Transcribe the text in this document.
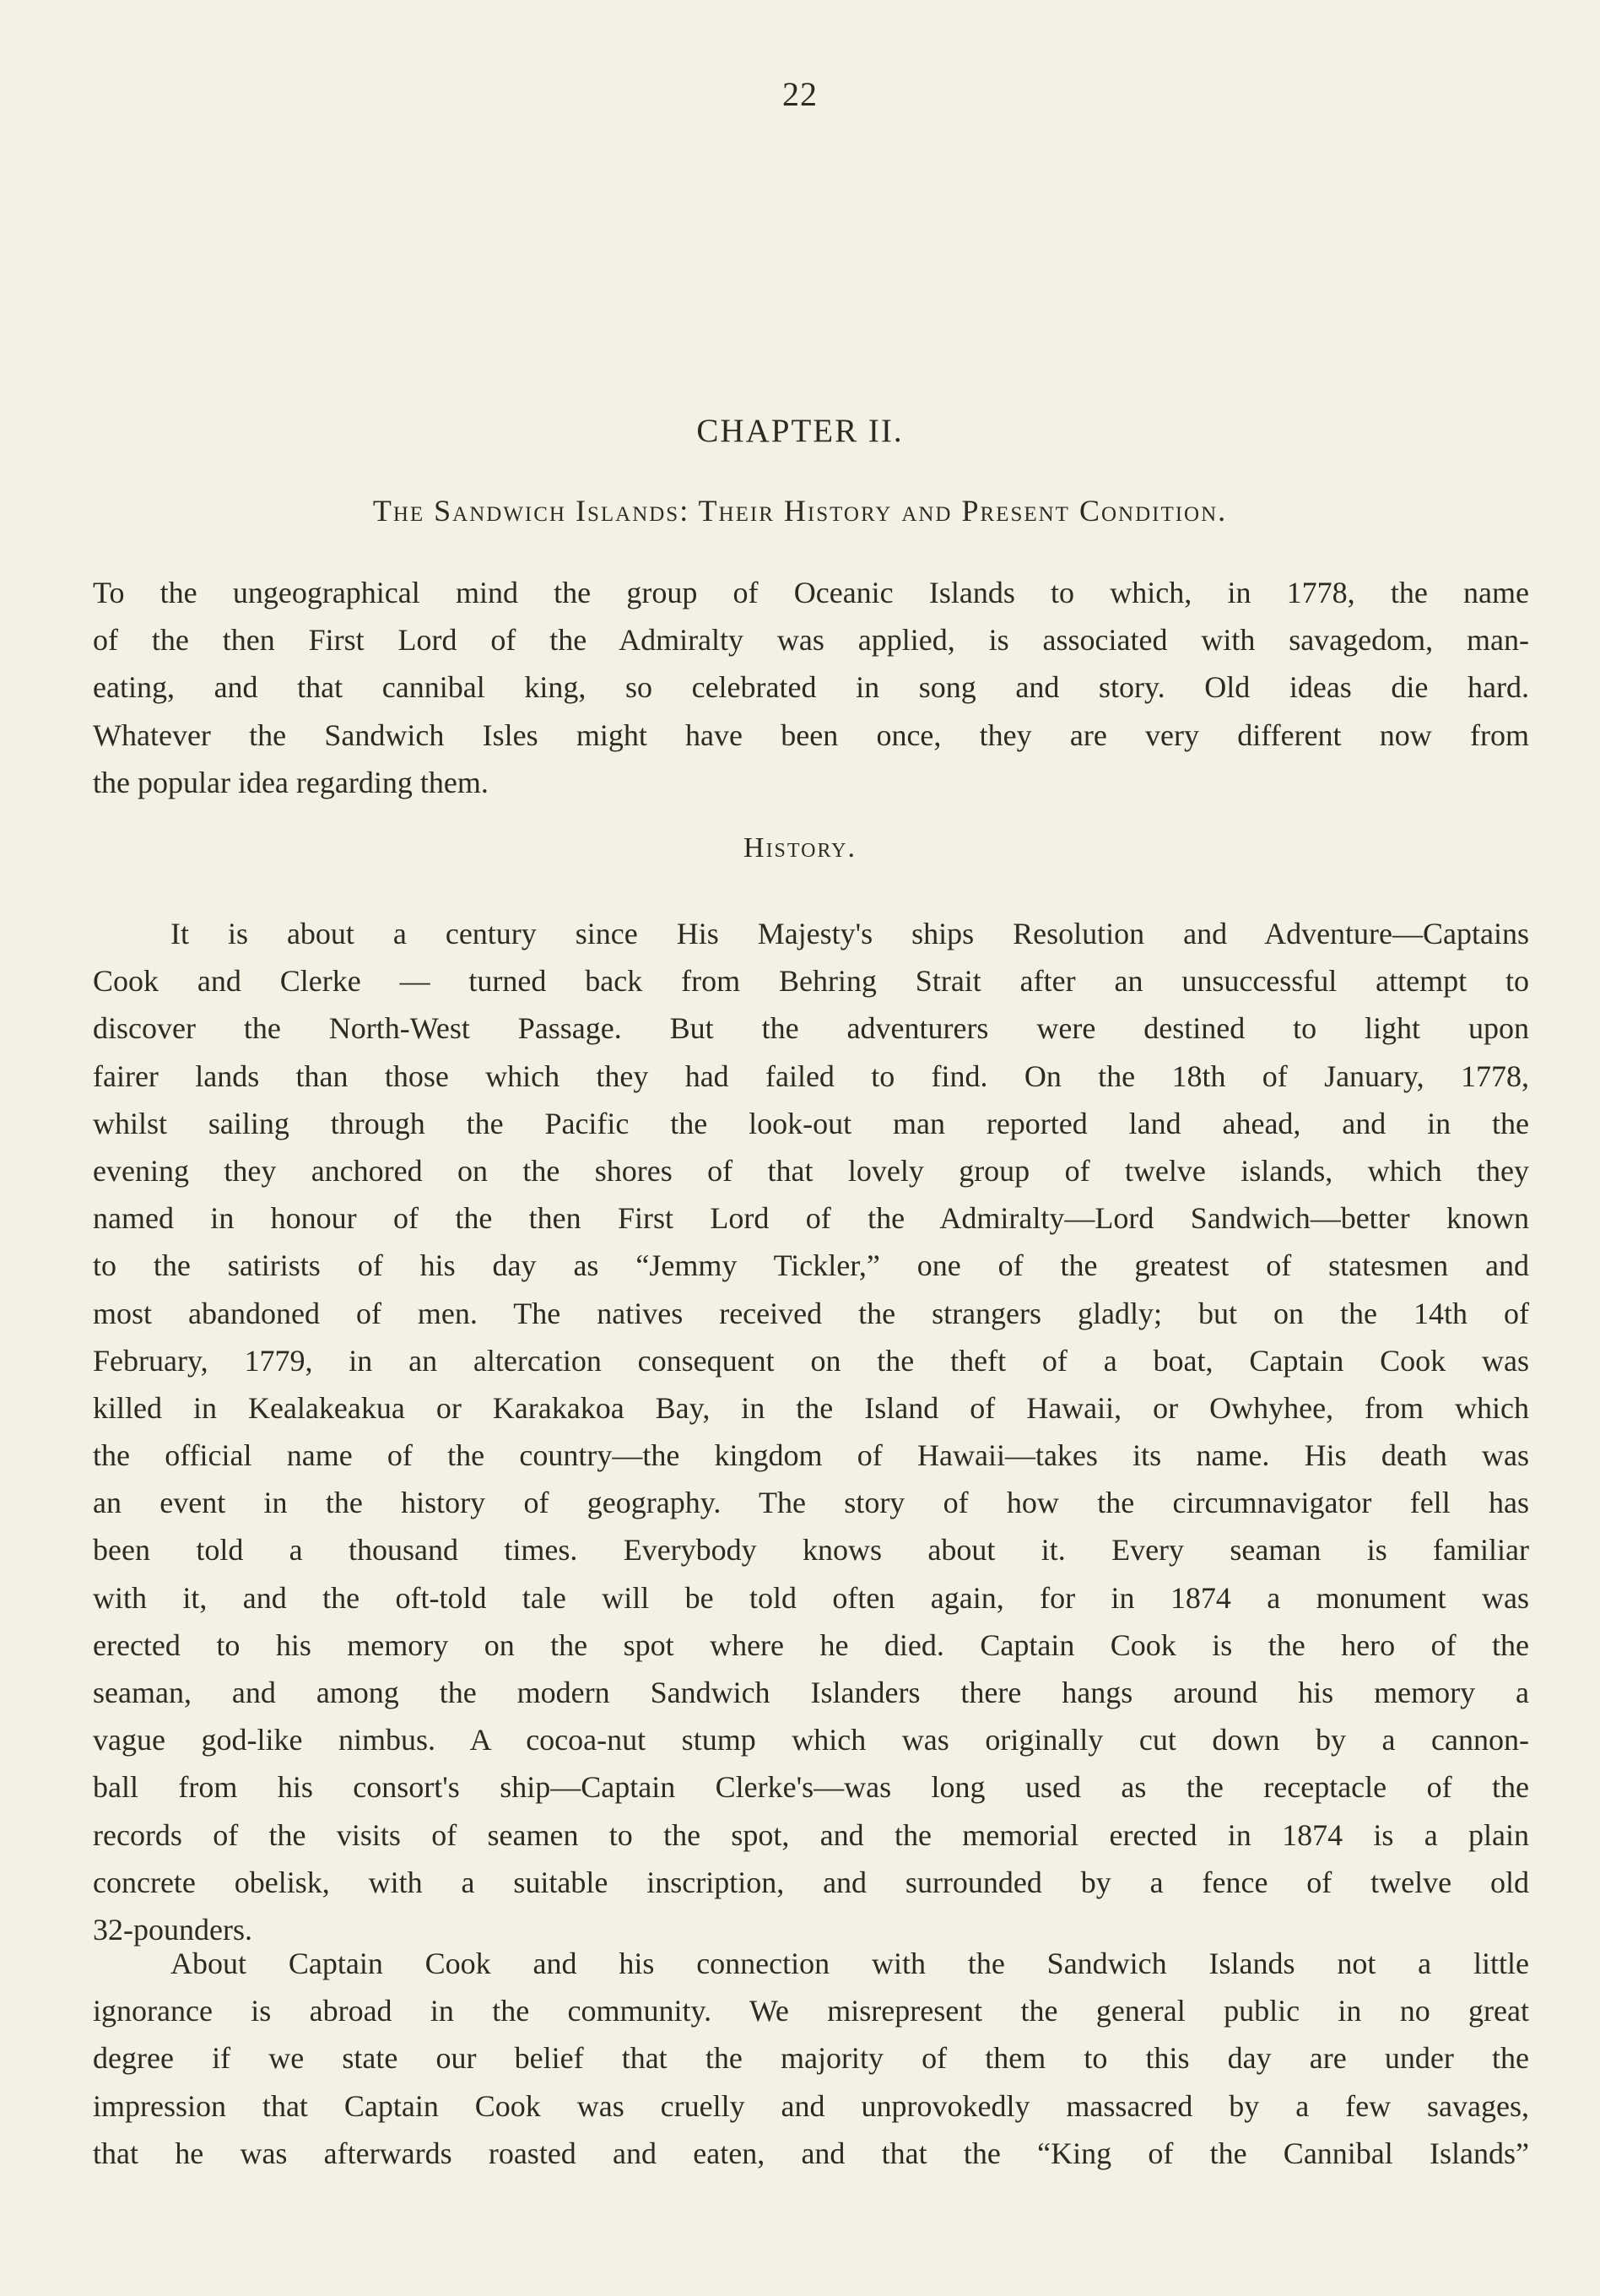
22
CHAPTER II.
The Sandwich Islands: Their History and Present Condition.
To the ungeographical mind the group of Oceanic Islands to which, in 1778, the name
of the then First Lord of the Admiralty was applied, is associated with savagedom, man-
eating, and that cannibal king, so celebrated in song and story. Old ideas die hard.
Whatever the Sandwich Isles might have been once, they are very different now from
the popular idea regarding them.
History.
It is about a century since His Majesty's ships Resolution and Adventure—Captains
Cook and Clerke — turned back from Behring Strait after an unsuccessful attempt to
discover the North-West Passage. But the adventurers were destined to light upon
fairer lands than those which they had failed to find. On the 18th of January, 1778,
whilst sailing through the Pacific the look-out man reported land ahead, and in the
evening they anchored on the shores of that lovely group of twelve islands, which they
named in honour of the then First Lord of the Admiralty—Lord Sandwich—better known
to the satirists of his day as “Jemmy Tickler,” one of the greatest of statesmen and
most abandoned of men. The natives received the strangers gladly; but on the 14th of
February, 1779, in an altercation consequent on the theft of a boat, Captain Cook was
killed in Kealakeakua or Karakakoa Bay, in the Island of Hawaii, or Owhyhee, from which
the official name of the country—the kingdom of Hawaii—takes its name. His death was
an event in the history of geography. The story of how the circumnavigator fell has
been told a thousand times. Everybody knows about it. Every seaman is familiar
with it, and the oft-told tale will be told often again, for in 1874 a monument was
erected to his memory on the spot where he died. Captain Cook is the hero of the
seaman, and among the modern Sandwich Islanders there hangs around his memory a
vague god-like nimbus. A cocoa-nut stump which was originally cut down by a cannon-
ball from his consort's ship—Captain Clerke's—was long used as the receptacle of the
records of the visits of seamen to the spot, and the memorial erected in 1874 is a plain
concrete obelisk, with a suitable inscription, and surrounded by a fence of twelve old
32-pounders.
About Captain Cook and his connection with the Sandwich Islands not a little
ignorance is abroad in the community. We misrepresent the general public in no great
degree if we state our belief that the majority of them to this day are under the
impression that Captain Cook was cruelly and unprovokedly massacred by a few savages,
that he was afterwards roasted and eaten, and that the “King of the Cannibal Islands”
